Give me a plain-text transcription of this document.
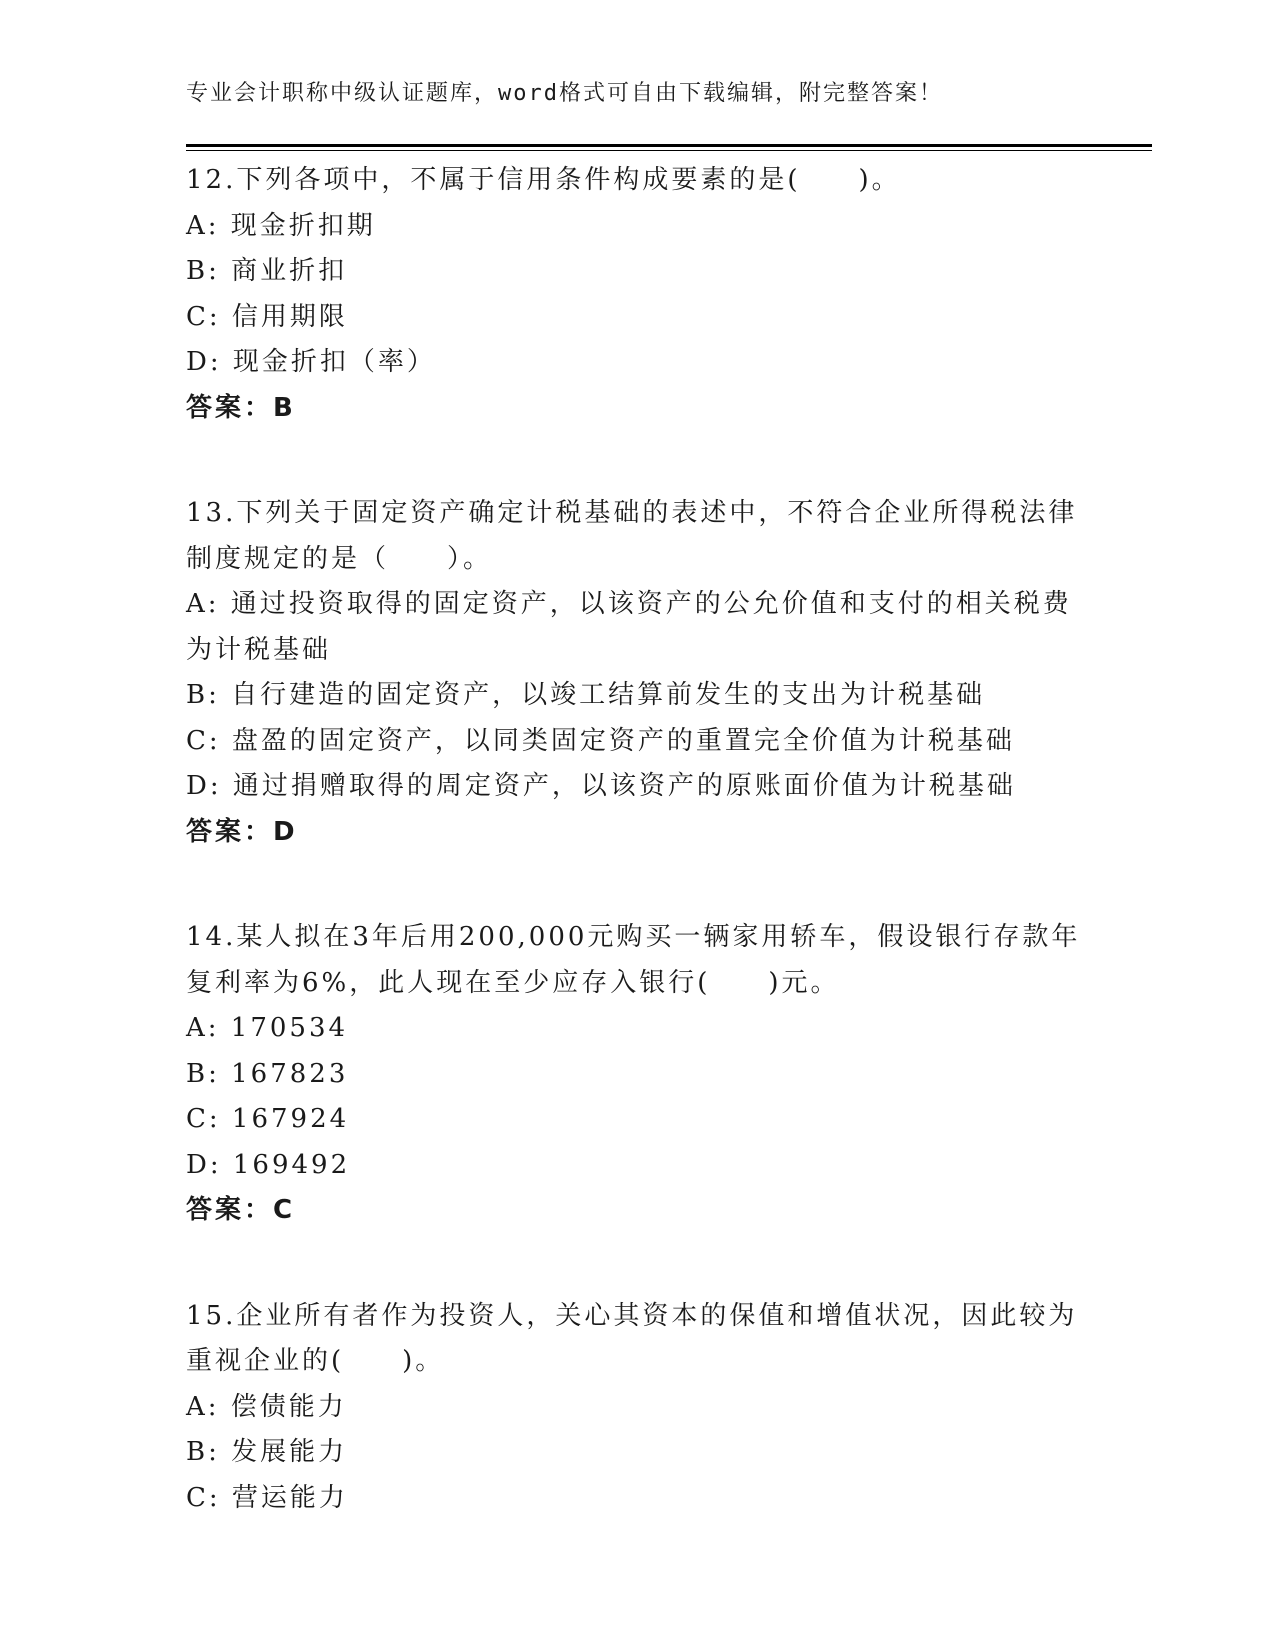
专业会计职称中级认证题库，word格式可自由下载编辑，附完整答案！
12.下列各项中，不属于信用条件构成要素的是(　　)。
A: 现金折扣期
B: 商业折扣
C: 信用期限
D: 现金折扣（率）
答案：B
13.下列关于固定资产确定计税基础的表述中，不符合企业所得税法律
制度规定的是（　　）。
A: 通过投资取得的固定资产，以该资产的公允价值和支付的相关税费
为计税基础
B: 自行建造的固定资产，以竣工结算前发生的支出为计税基础
C: 盘盈的固定资产，以同类固定资产的重置完全价值为计税基础
D: 通过捐赠取得的周定资产，以该资产的原账面价值为计税基础
答案：D
14.某人拟在3年后用200,000元购买一辆家用轿车，假设银行存款年
复利率为6%，此人现在至少应存入银行(　　)元。
A: 170534
B: 167823
C: 167924
D: 169492
答案：C
15.企业所有者作为投资人，关心其资本的保值和增值状况，因此较为
重视企业的(　　)。
A: 偿债能力
B: 发展能力
C: 营运能力
